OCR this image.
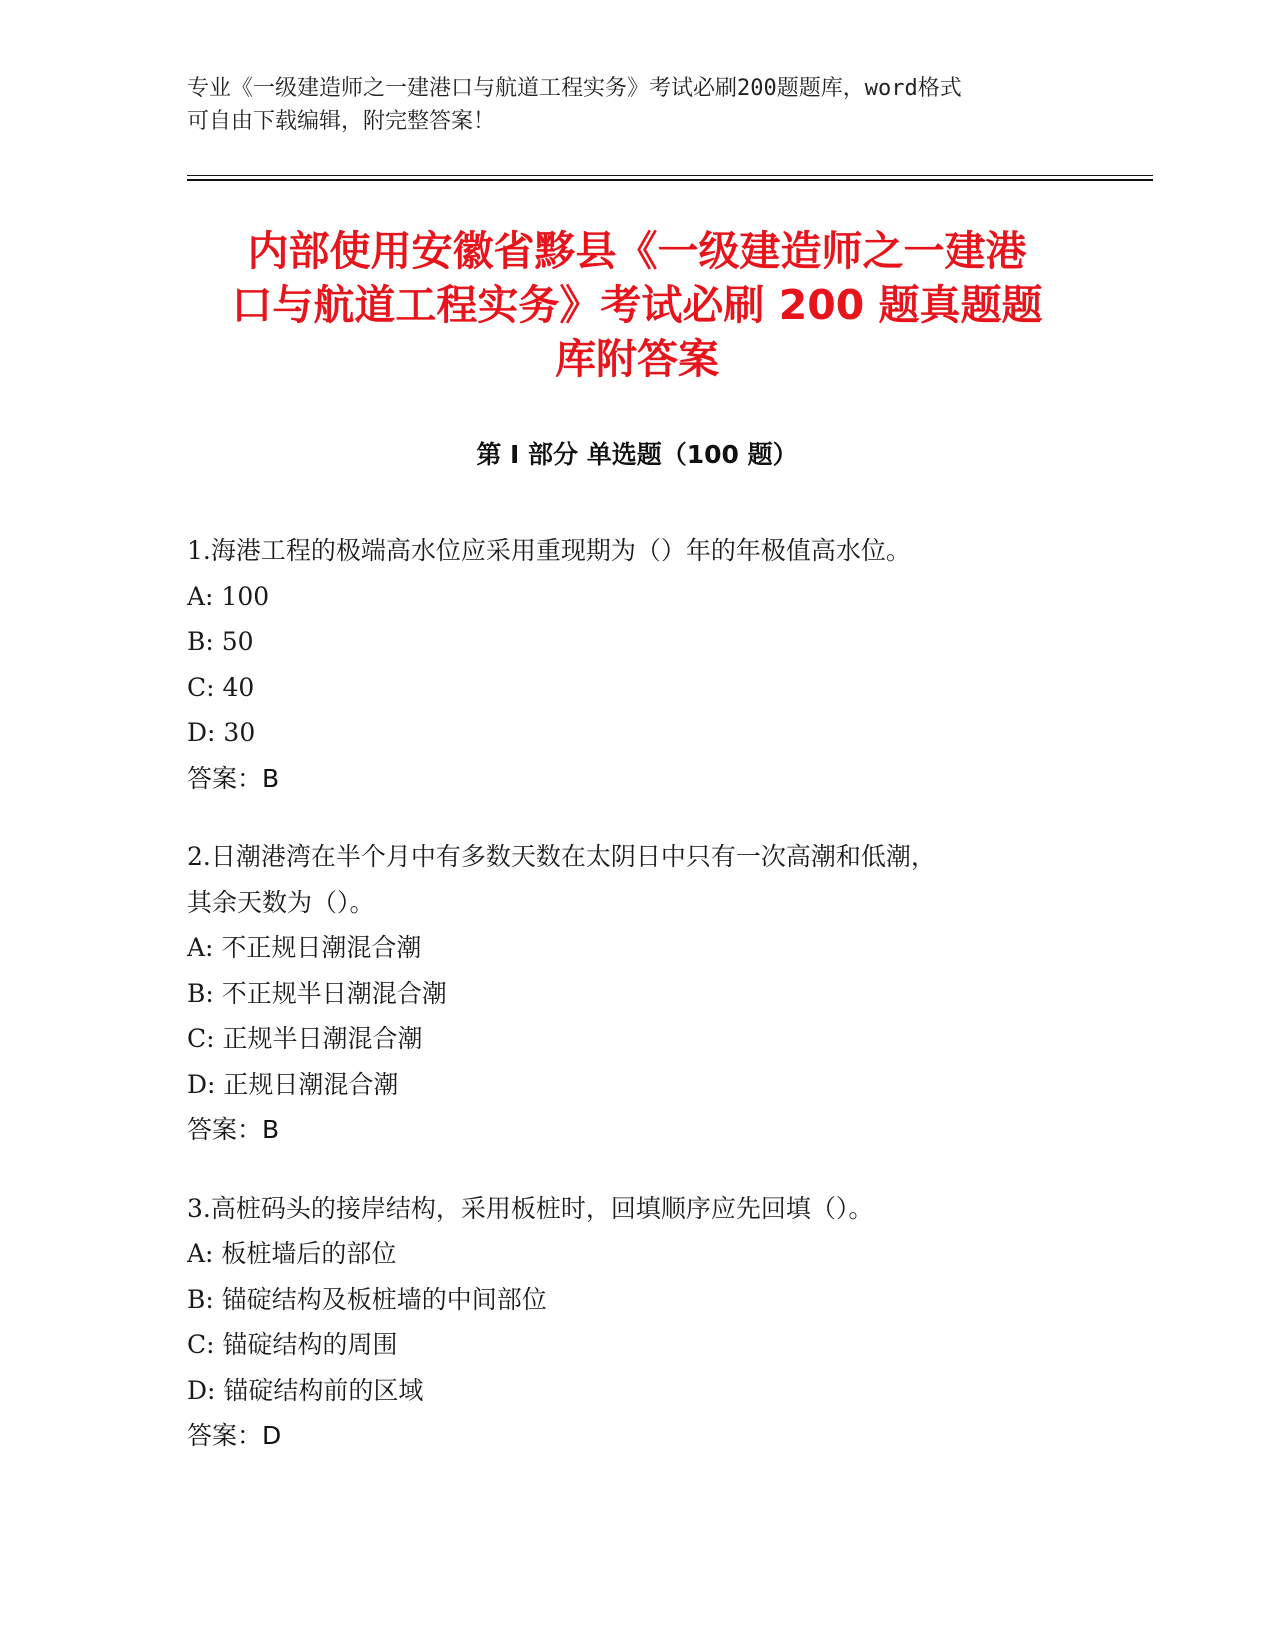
专业《一级建造师之一建港口与航道工程实务》考试必刷200题题库，word格式
可自由下载编辑，附完整答案！
内部使用安徽省黟县《一级建造师之一建港
口与航道工程实务》考试必刷 200 题真题题
库附答案
第 I 部分 单选题（100 题）

1.海港工程的极端高水位应采用重现期为（）年的年极值高水位。

A: 100

B: 50

C: 40

D: 30

答案：B

2.日潮港湾在半个月中有多数天数在太阴日中只有一次高潮和低潮，

其余天数为（）。

A: 不正规日潮混合潮

B: 不正规半日潮混合潮

C: 正规半日潮混合潮

D: 正规日潮混合潮

答案：B

3.高桩码头的接岸结构，采用板桩时，回填顺序应先回填（）。

A: 板桩墙后的部位

B: 锚碇结构及板桩墙的中间部位

C: 锚碇结构的周围

D: 锚碇结构前的区域

答案：D
